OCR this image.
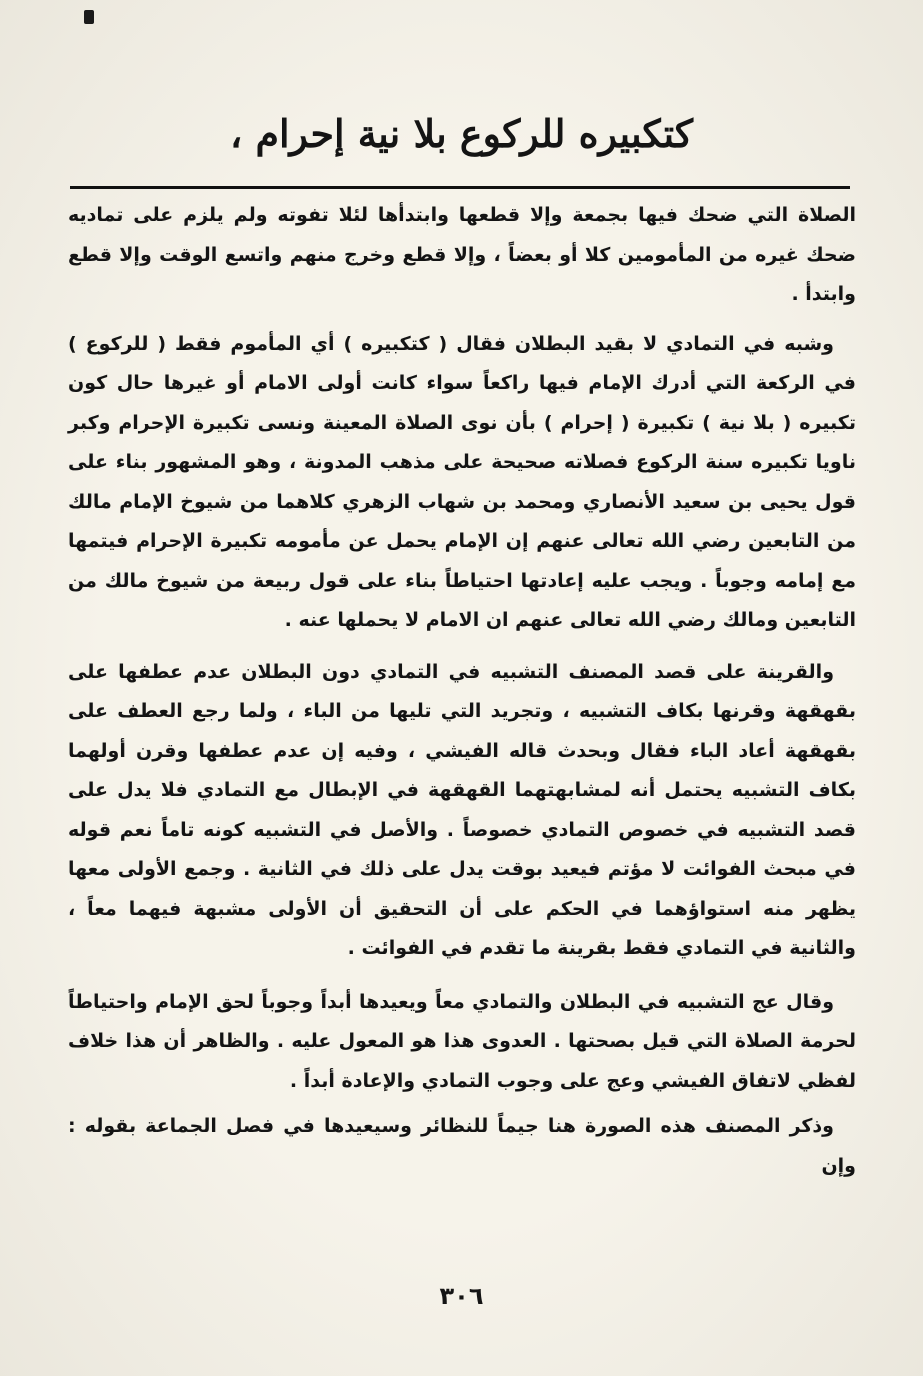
كتكبيره للركوع بلا نية إحرام ،

الصلاة التي ضحك فيها بجمعة وإلا قطعها وابتدأها لئلا تفوته ولم يلزم على تماديه ضحك غيره من المأمومين كلا أو بعضاً ، وإلا قطع وخرج منهم واتسع الوقت وإلا قطع وابتدأ .

وشبه في التمادي لا بقيد البطلان فقال ( كتكبيره ) أي المأموم فقط ( للركوع ) في الركعة التي أدرك الإمام فيها راكعاً سواء كانت أولى الامام أو غيرها حال كون تكبيره ( بلا نية ) تكبيرة ( إحرام ) بأن نوى الصلاة المعينة ونسى تكبيرة الإحرام وكبر ناويا تكبيره سنة الركوع فصلاته صحيحة على مذهب المدونة ، وهو المشهور بناء على قول يحيى بن سعيد الأنصاري ومحمد بن شهاب الزهري كلاهما من شيوخ الإمام مالك من التابعين رضي الله تعالى عنهم إن الإمام يحمل عن مأمومه تكبيرة الإحرام فيتمها مع إمامه وجوباً . ويجب عليه إعادتها احتياطاً بناء على قول ربيعة من شيوخ مالك من التابعين ومالك رضي الله تعالى عنهم ان الامام لا يحملها عنه .

والقرينة على قصد المصنف التشبيه في التمادي دون البطلان عدم عطفها على بقهقهة وقرنها بكاف التشبيه ، وتجريد التي تليها من الباء ، ولما رجع العطف على بقهقهة أعاد الباء فقال وبحدث قاله الفيشي ، وفيه إن عدم عطفها وقرن أولهما بكاف التشبيه يحتمل أنه لمشابهتهما القهقهة في الإبطال مع التمادي فلا يدل على قصد التشبيه في خصوص التمادي خصوصاً . والأصل في التشبيه كونه تاماً نعم قوله في مبحث الفوائت لا مؤتم فيعيد بوقت يدل على ذلك في الثانية . وجمع الأولى معها يظهر منه استواؤهما في الحكم على أن التحقيق أن الأولى مشبهة فيهما معاً ، والثانية في التمادي فقط بقرينة ما تقدم في الفوائت .

وقال عج التشبيه في البطلان والتمادي معاً ويعيدها أبداً وجوباً لحق الإمام واحتياطاً لحرمة الصلاة التي قيل بصحتها . العدوى هذا هو المعول عليه . والظاهر أن هذا خلاف لفظي لاتفاق الفيشي وعج على وجوب التمادي والإعادة أبداً .

وذكر المصنف هذه الصورة هنا جيماً للنظائر وسيعيدها في فصل الجماعة بقوله : وإن

٣٠٦
